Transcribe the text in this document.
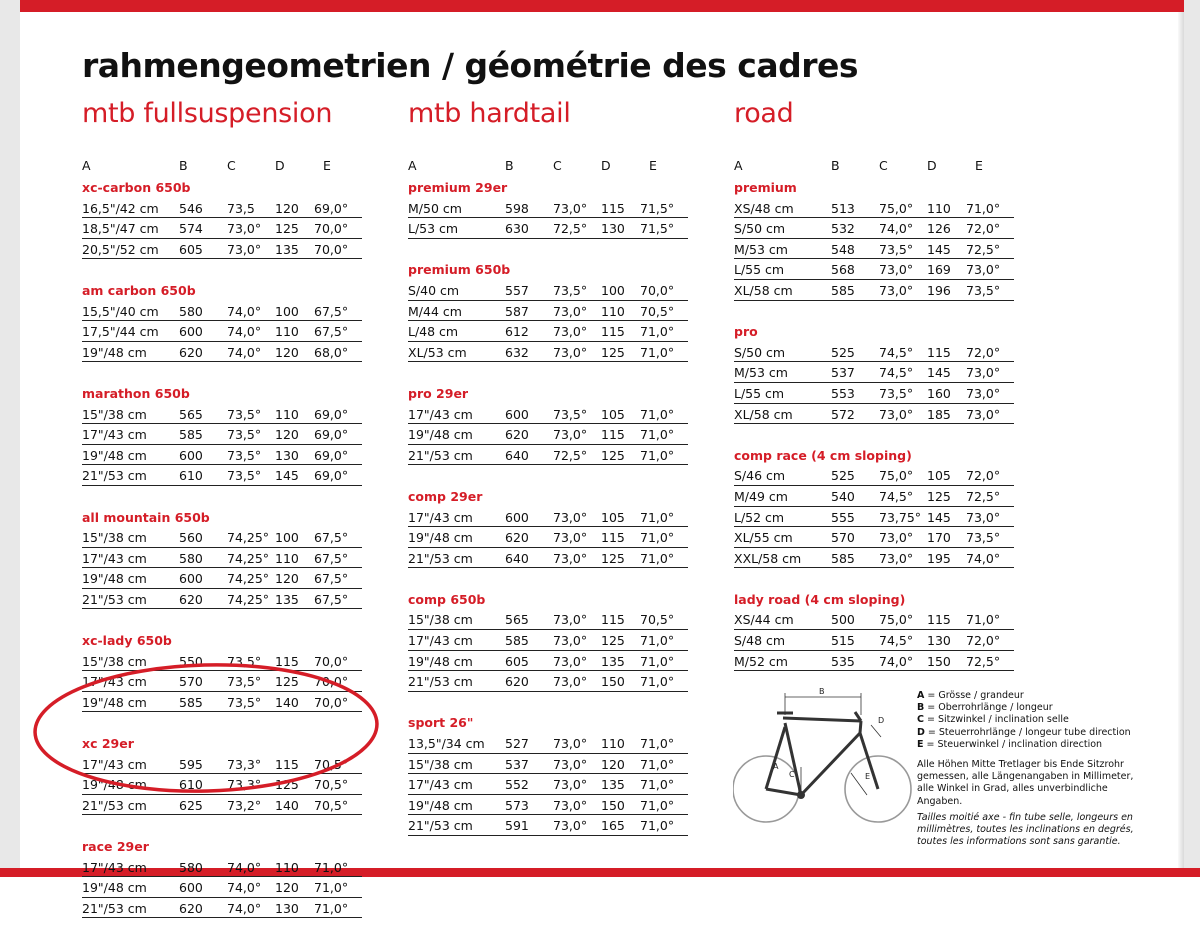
rahmengeometrien / géométrie des cadres
mtb fullsuspension
A	B	C	D	E
xc-carbon 650b
16,5"/42 cm 546 73,5 120 69,0°
18,5"/47 cm 574 73,0° 125 70,0°
20,5"/52 cm 605 73,0° 135 70,0°
am carbon 650b
15,5"/40 cm 580 74,0° 100 67,5°
17,5"/44 cm 600 74,0° 110 67,5°
19"/48 cm	620 74,0° 120 68,0°
marathon 650b
15"/38 cm	565 73,5° 110 69,0°
17"/43 cm	585 73,5° 120 69,0°
19"/48 cm	600 73,5° 130 69,0°
21"/53 cm	610 73,5° 145 69,0°
all mountain 650b
15"/38 cm	560 74,25° 100 67,5°
17"/43 cm	580 74,25° 110 67,5°
19"/48 cm	600 74,25° 120 67,5°
21"/53 cm	620 74,25° 135 67,5°
xc-lady 650b
15"/38 cm	550 73,5° 115 70,0°
17"/43 cm	570 73,5° 125 70,0°
19"/48 cm	585 73,5° 140 70,0°
xc 29er
17"/43 cm	595 73,3° 115 70,5°
19"/48 cm	610 73,3° 125 70,5°
21"/53 cm	625 73,2° 140 70,5°
race 29er
17"/43 cm	580 74,0° 110 71,0°
19"/48 cm	600 74,0° 120 71,0°
21"/53 cm	620 74,0° 130 71,0°
mtb hardtail
A	B	C	D	E
premium 29er
M/50 cm	598 73,0° 115 71,5°
L/53 cm	630 72,5° 130 71,5°
premium 650b
S/40 cm	557 73,5° 100 70,0°
M/44 cm	587 73,0° 110 70,5°
L/48 cm	612 73,0° 115 71,0°
XL/53 cm	632 73,0° 125 71,0°
pro 29er
17"/43 cm	600 73,5° 105 71,0°
19"/48 cm	620 73,0° 115 71,0°
21"/53 cm	640 72,5° 125 71,0°
comp 29er
17"/43 cm	600 73,0° 105 71,0°
19"/48 cm	620 73,0° 115 71,0°
21"/53 cm	640 73,0° 125 71,0°
comp 650b
15"/38 cm	565 73,0° 115 70,5°
17"/43 cm	585 73,0° 125 71,0°
19"/48 cm	605 73,0° 135 71,0°
21"/53 cm	620 73,0° 150 71,0°
sport 26"
13,5"/34 cm 527 73,0° 110 71,0°
15"/38 cm	537 73,0° 120 71,0°
17"/43 cm	552 73,0° 135 71,0°
19"/48 cm	573 73,0° 150 71,0°
21"/53 cm	591 73,0° 165 71,0°
road
A	B	C	D	E
premium
XS/48 cm	513 75,0° 110 71,0°
S/50 cm	532 74,0° 126 72,0°
M/53 cm	548 73,5° 145 72,5°
L/55 cm	568 73,0° 169 73,0°
XL/58 cm	585 73,0° 196 73,5°
pro
S/50 cm	525 74,5° 115 72,0°
M/53 cm	537 74,5° 145 73,0°
L/55 cm	553 73,5° 160 73,0°
XL/58 cm	572 73,0° 185 73,0°
comp race (4 cm sloping)
S/46 cm	525 75,0° 105 72,0°
M/49 cm	540 74,5° 125 72,5°
L/52 cm	555 73,75° 145 73,0°
XL/55 cm	570 73,0° 170 73,5°
XXL/58 cm 585 73,0° 195 74,0°
lady road (4 cm sloping)
XS/44 cm	500 75,0° 115 71,0°
S/48 cm	515 74,5° 130 72,0°
M/52 cm	535 74,0° 150 72,5°
B
A
C
D
E
A = Grösse / grandeur
B = Oberrohrlänge / longeur
C = Sitzwinkel / inclination selle
D = Steuerrohrlänge / longeur tube direction
E = Steuerwinkel / inclination direction
Alle Höhen Mitte Tretlager bis Ende Sitzrohr gemessen, alle Längenangaben in Millimeter, alle Winkel in Grad, alles unverbindliche Angaben.
Tailles moitié axe - fin tube selle, longeurs en millimètres, toutes les inclinations en degrés, toutes les informations sont sans garantie.
